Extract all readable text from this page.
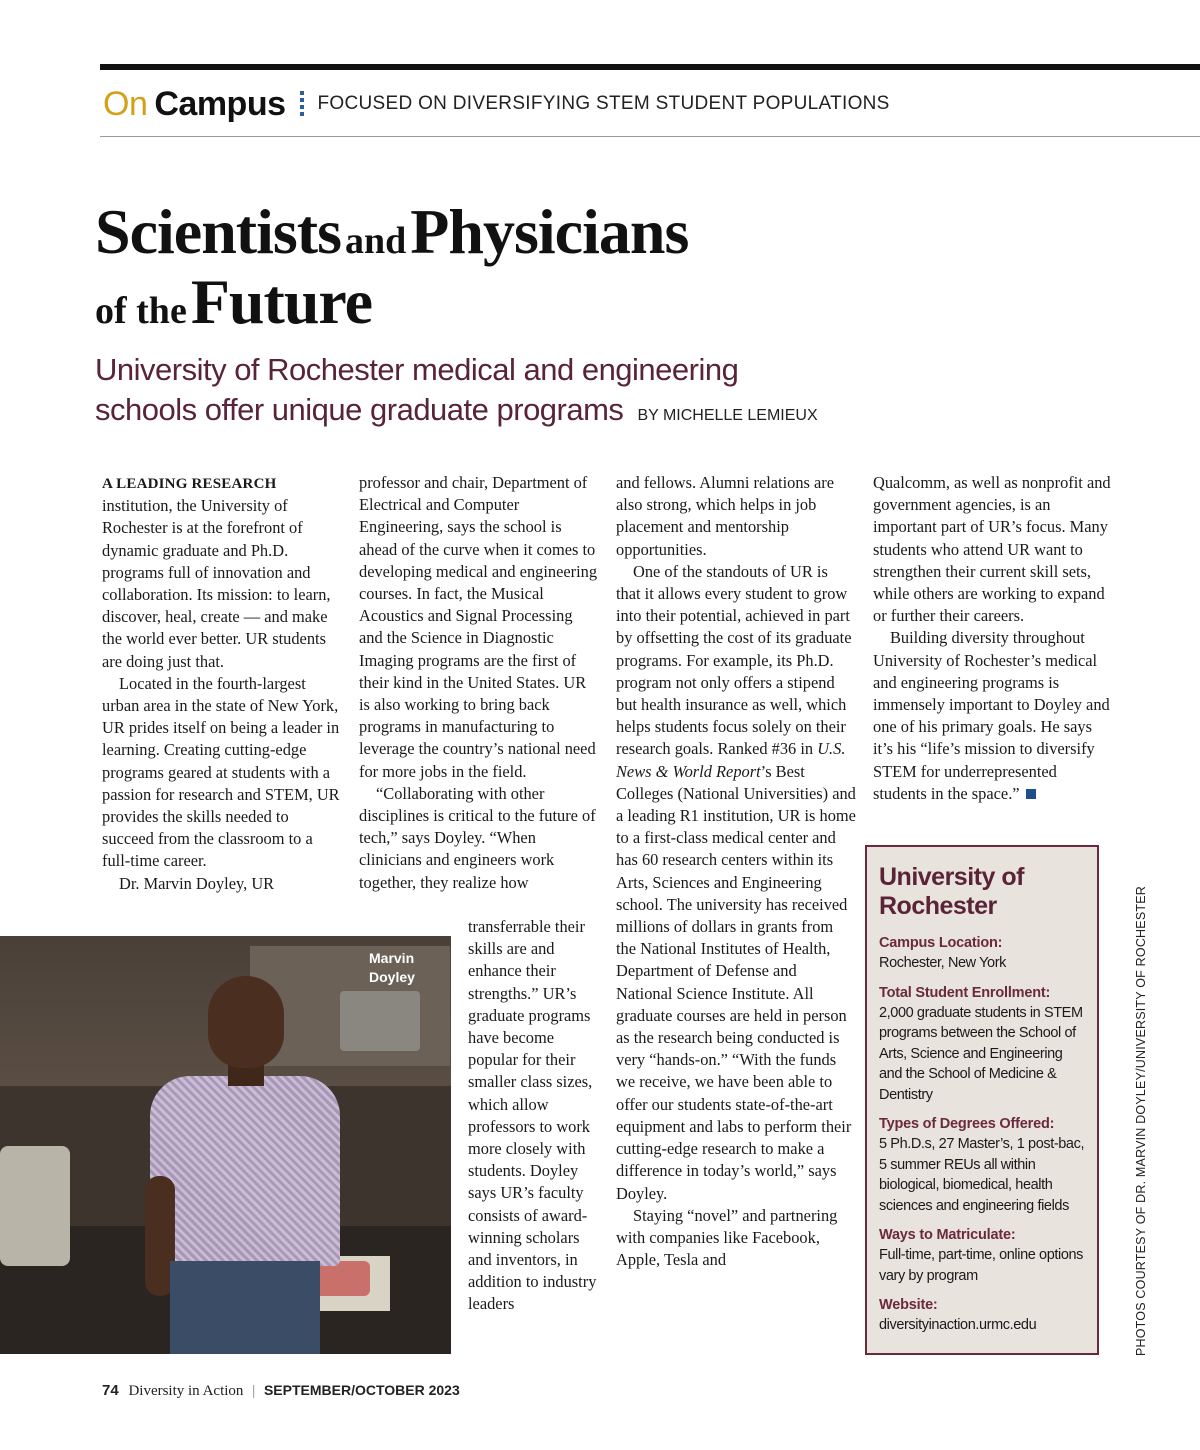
On Campus FOCUSED ON DIVERSIFYING STEM STUDENT POPULATIONS
Scientists and Physicians
of the Future
University of Rochester medical and engineering
schools offer unique graduate programs BY MICHELLE LEMIEUX

A LEADING RESEARCH institution, the University of Rochester is at the forefront of dynamic graduate and Ph.D. programs full of innovation and collaboration. Its mission: to learn, discover, heal, create — and make the world ever better. UR students are doing just that.

Located in the fourth-largest urban area in the state of New York, UR prides itself on being a leader in learning. Creating cutting-edge programs geared at students with a passion for research and STEM, UR provides the skills needed to succeed from the classroom to a full-time career.

Dr. Marvin Doyley, UR

professor and chair, Department of Electrical and Computer Engineering, says the school is ahead of the curve when it comes to developing medical and engineering courses. In fact, the Musical Acoustics and Signal Processing and the Science in Diagnostic Imaging programs are the first of their kind in the United States. UR is also working to bring back programs in manufacturing to leverage the country’s national need for more jobs in the field.

“Collaborating with other disciplines is critical to the future of tech,” says Doyley. “When clinicians and engineers work together, they realize how

transferrable their skills are and enhance their strengths.” UR’s graduate programs have become popular for their smaller class sizes, which allow professors to work more closely with students. Doyley says UR’s faculty consists of award-winning scholars and inventors, in addition to industry leaders

and fellows. Alumni relations are also strong, which helps in job placement and mentorship opportunities.

One of the standouts of UR is that it allows every student to grow into their potential, achieved in part by offsetting the cost of its graduate programs. For example, its Ph.D. program not only offers a stipend but health insurance as well, which helps students focus solely on their research goals. Ranked #36 in U.S. News & World Report’s Best Colleges (National Universities) and a leading R1 institution, UR is home to a first-class medical center and has 60 research centers within its Arts, Sciences and Engineering school. The university has received millions of dollars in grants from the National Institutes of Health, Department of Defense and National Science Institute. All graduate courses are held in person as the research being conducted is very “hands-on.” “With the funds we receive, we have been able to offer our students state-of-the-art equipment and labs to perform their cutting-edge research to make a difference in today’s world,” says Doyley.

Staying “novel” and partnering with companies like Facebook, Apple, Tesla and

Qualcomm, as well as nonprofit and government agencies, is an important part of UR’s focus. Many students who attend UR want to strengthen their current skill sets, while others are working to expand or further their careers.

Building diversity throughout University of Rochester’s medical and engineering programs is immensely important to Doyley and one of his primary goals. He says it’s his “life’s mission to diversify STEM for underrepresented students in the space.”

Marvin
Doyley
University of
Rochester
Campus Location:
Rochester, New York
Total Student Enrollment:
2,000 graduate students in STEM programs between the School of Arts, Science and Engineering and the School of Medicine & Dentistry
Types of Degrees Offered:
5 Ph.D.s, 27 Master’s, 1 post-bac, 5 summer REUs all within biological, biomedical, health sciences and engineering fields
Ways to Matriculate:
Full-time, part-time, online options vary by program
Website:
diversityinaction.urmc.edu	PHOTOS COURTESY OF DR. MARVIN DOYLEY/UNIVERSITY OF ROCHESTER
74 Diversity in Action | SEPTEMBER/OCTOBER 2023
